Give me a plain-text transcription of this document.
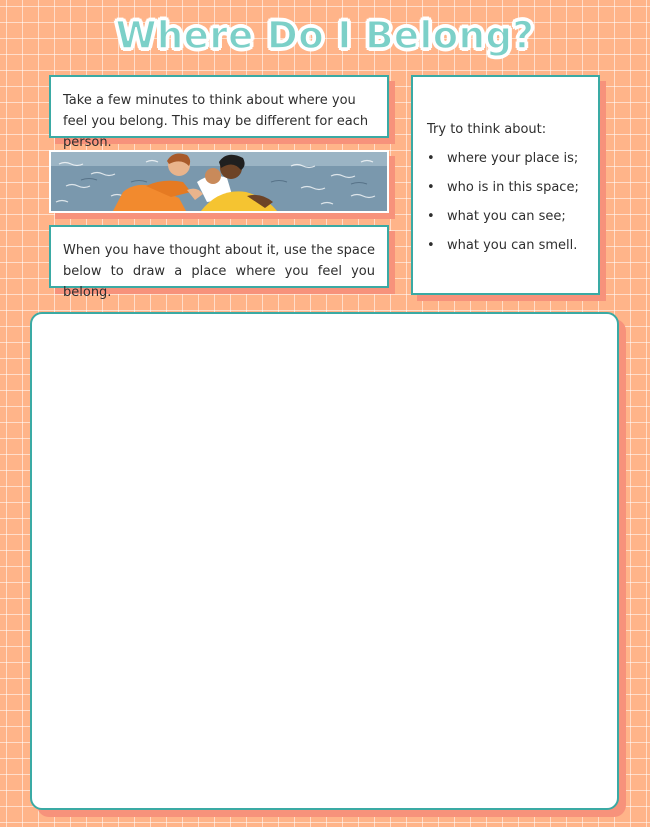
Where Do I Belong?
Take a few minutes to think about where you feel you belong. This may be different for each person.
When you have thought about it, use the space below to draw a place where you feel you belong.

Try to think about:

• where your place is;
• who is in this space;
• what you can see;
• what you can smell.
